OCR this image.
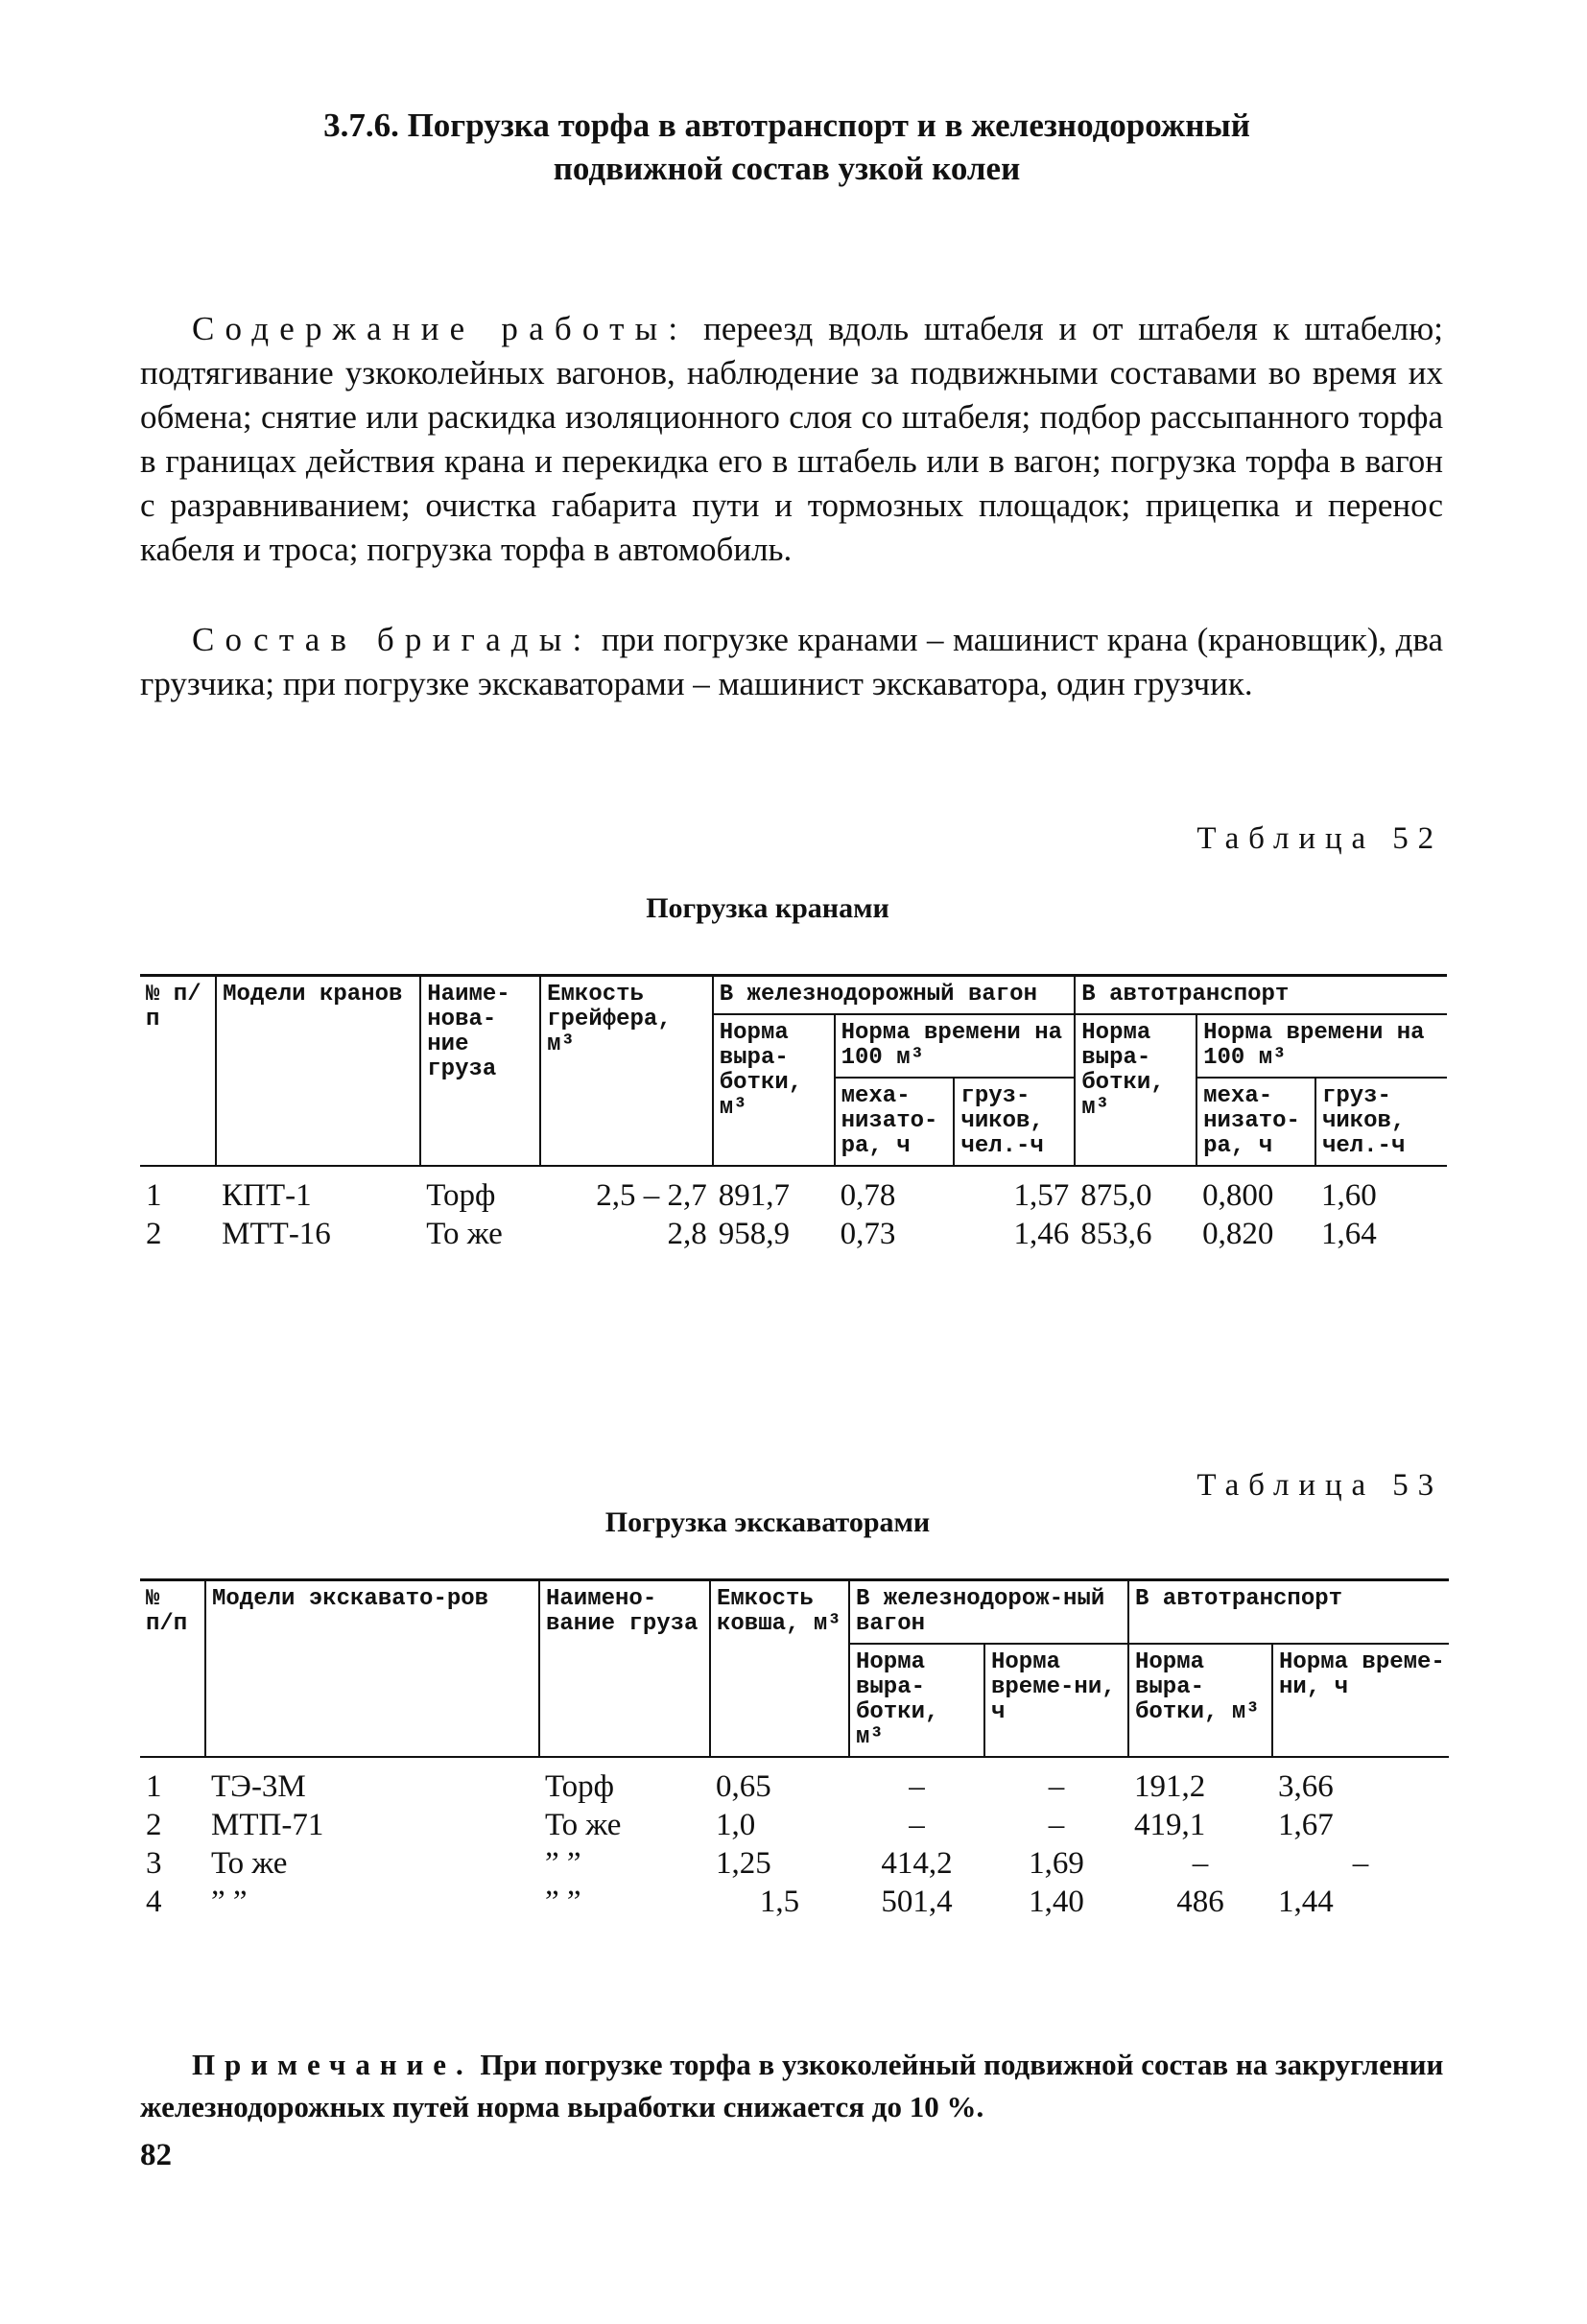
3.7.6. Погрузка торфа в автотранспорт и в железнодорожный
подвижной состав узкой колеи

Содержание работы: переезд вдоль штабеля и от штабеля к штабелю; подтягивание узкоколейных вагонов, наблюдение за подвижными составами во время их обмена; снятие или раскидка изоляционного слоя со штабеля; подбор рассыпанного торфа в границах действия крана и перекидка его в штабель или в вагон; погрузка торфа в вагон с разравниванием; очистка габарита пути и тормозных площадок; прицепка и перенос кабеля и троса; погрузка торфа в автомобиль.

Состав бригады: при погрузке кранами – машинист крана (крановщик), два грузчика; при погрузке экскаваторами – машинист экскаватора, один грузчик.

Таблица 52
Погрузка кранами
№ п/п	Модели кранов	Наиме-нова-ние груза	Емкость грейфера, м³	В железнодорожный вагон			В автотранспорт		
				Норма выра-ботки, м³	Норма времени на 100 м³		Норма выра-ботки, м³	Норма времени на 100 м³	
					меха-низато-ра, ч	груз-чиков, чел.-ч		меха-низато-ра, ч	груз-чиков, чел.-ч
1	КПТ-1	Торф	2,5 – 2,7	891,7	0,78	1,57	875,0	0,800	1,60
2	МТТ-16	То же	2,8	958,9	0,73	1,46	853,6	0,820	1,64
Таблица 53
Погрузка экскаваторами
№ п/п	Модели экскавато-ров	Наимено-вание груза	Емкость ковша, м³	В железнодорож-ный вагон		В автотранспорт	
				Норма выра-ботки, м³	Норма време-ни, ч	Норма выра-ботки, м³	Норма време-ни, ч
1	ТЭ-3М	Торф	0,65	–	–	191,2	3,66
2	МТП-71	То же	1,0	–	–	419,1	1,67
3	То же	” ”	1,25	414,2	1,69	–	–
4	” ”	” ”	1,5	501,4	1,40	486	1,44

Примечание. При погрузке торфа в узкоколейный подвижной состав на закруглении железнодорожных путей норма выработки снижается до 10 %.

82
